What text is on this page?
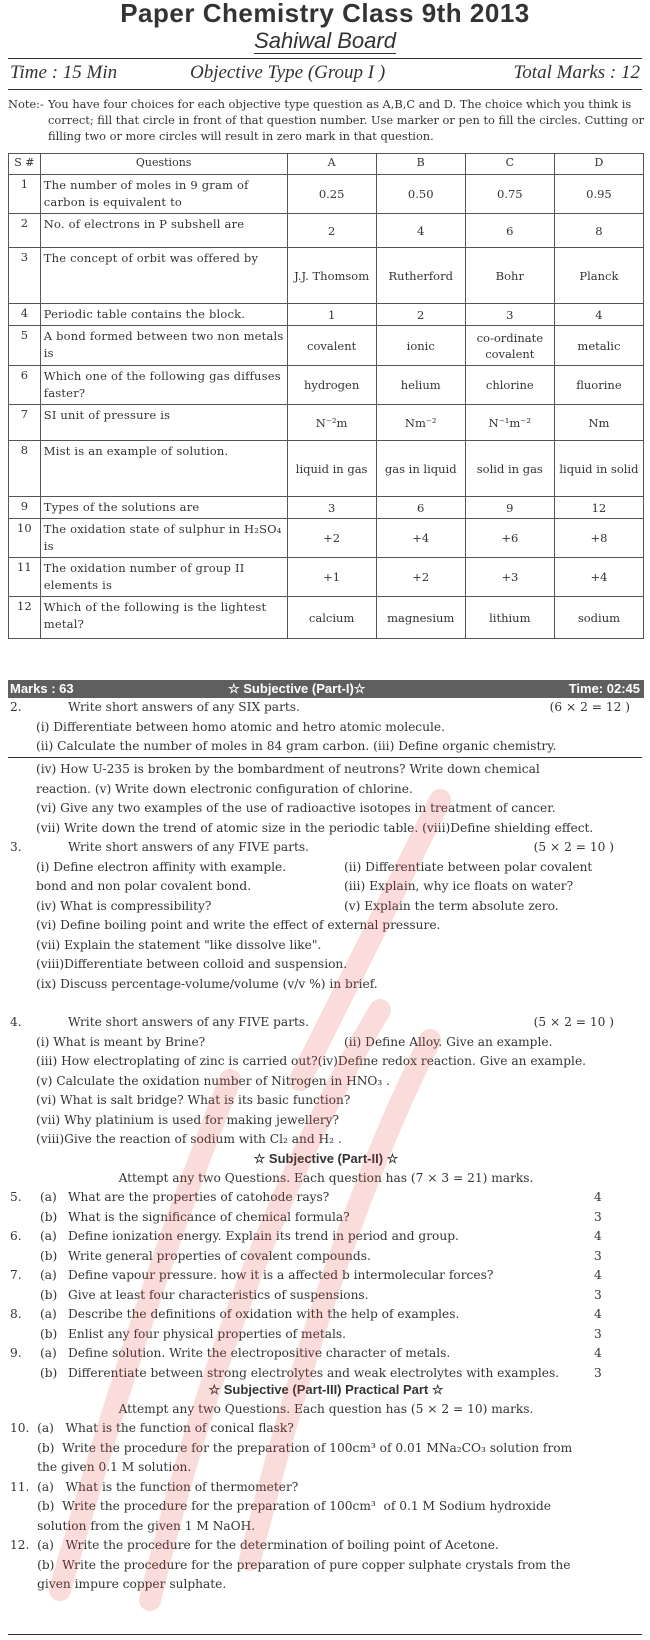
Paper Chemistry Class 9th 2013
Sahiwal Board
Time : 15 Min	Objective Type (Group I )	Total Marks : 12
Note:- You have four choices for each objective type question as A,B,C and D. The choice which you think is correct; fill that circle in front of that question number. Use marker or pen to fill the circles. Cutting or filling two or more circles will result in zero mark in that question.
S #	Questions	A	B	C	D
1	The number of moles in 9 gram of carbon is equivalent to	0.25	0.50	0.75	0.95
2	No. of electrons in P subshell are	2	4	6	8
3	The concept of orbit was offered by	J.J. Thomsom	Rutherford	Bohr	Planck
4	Periodic table contains the block.	1	2	3	4
5	A bond formed between two non metals is	covalent	ionic	co-ordinate covalent	metalic
6	Which one of the following gas diffuses faster?	hydrogen	helium	chlorine	fluorine
7	SI unit of pressure is	N⁻²m	Nm⁻²	N⁻¹m⁻²	Nm
8	Mist is an example of solution.	liquid in gas	gas in liquid	solid in gas	liquid in solid
9	Types of the solutions are	3	6	9	12
10	The oxidation state of sulphur in H₂SO₄ is	+2	+4	+6	+8
11	The oxidation number of group II elements is	+1	+2	+3	+4
12	Which of the following is the lightest metal?	calcium	magnesium	lithium	sodium
Marks : 63	☆ Subjective (Part-I)☆	Time: 02:45
2.	Write short answers of any SIX parts.	(6 × 2 = 12 )
(i) Differentiate between homo atomic and hetro atomic molecule.
(ii) Calculate the number of moles in 84 gram carbon. (iii) Define organic chemistry.
(iv) How U-235 is broken by the bombardment of neutrons? Write down chemical
reaction. (v) Write down electronic configuration of chlorine.
(vi) Give any two examples of the use of radioactive isotopes in treatment of cancer.
(vii) Write down the trend of atomic size in the periodic table. (viii)Define shielding effect.
3.	Write short answers of any FIVE parts.	(5 × 2 = 10 )
(i) Define electron affinity with example.	(ii) Differentiate between polar covalent
bond and non polar covalent bond.	(iii) Explain, why ice floats on water?
(iv) What is compressibility?	(v) Explain the term absolute zero.
(vi) Define boiling point and write the effect of external pressure.
(vii) Explain the statement "like dissolve like".
(viii)Differentiate between colloid and suspension.
(ix) Discuss percentage-volume/volume (v/v %) in brief.
4.	Write short answers of any FIVE parts.	(5 × 2 = 10 )
(i) What is meant by Brine?	(ii) Define Alloy. Give an example.
(iii) How electroplating of zinc is carried out?(iv)Define redox reaction. Give an example.
(v) Calculate the oxidation number of Nitrogen in HNO₃ .
(vi) What is salt bridge? What is its basic function?
(vii) Why platinium is used for making jewellery?
(viii)Give the reaction of sodium with Cl₂ and H₂ .
☆ Subjective (Part-II) ☆
Attempt any two Questions. Each question has (7 × 3 = 21) marks.
5. (a) What are the properties of catohode rays?	4
(b) What is the significance of chemical formula?	3
6. (a) Define ionization energy. Explain its trend in period and group.	4
(b) Write general properties of covalent compounds.	3
7. (a) Define vapour pressure. how it is a affected b intermolecular forces?	4
(b) Give at least four characteristics of suspensions.	3
8. (a) Describe the definitions of oxidation with the help of examples.	4
(b) Enlist any four physical properties of metals.	3
9. (a) Define solution. Write the electropositive character of metals.	4
(b) Differentiate between strong electrolytes and weak electrolytes with examples.	3
☆ Subjective (Part-III) Practical Part ☆
Attempt any two Questions. Each question has (5 × 2 = 10) marks.
10.  (a)   What is the function of conical flask?
(b)  Write the procedure for the preparation of 100cm³ of 0.01 MNa₂CO₃ solution from
the given 0.1 M solution.
11.  (a)   What is the function of thermometer?
(b)  Write the procedure for the preparation of 100cm³  of 0.1 M Sodium hydroxide
solution from the given 1 M NaOH.
12.  (a)   Write the procedure for the determination of boiling point of Acetone.
(b)  Write the procedure for the preparation of pure copper sulphate crystals from the
given impure copper sulphate.
